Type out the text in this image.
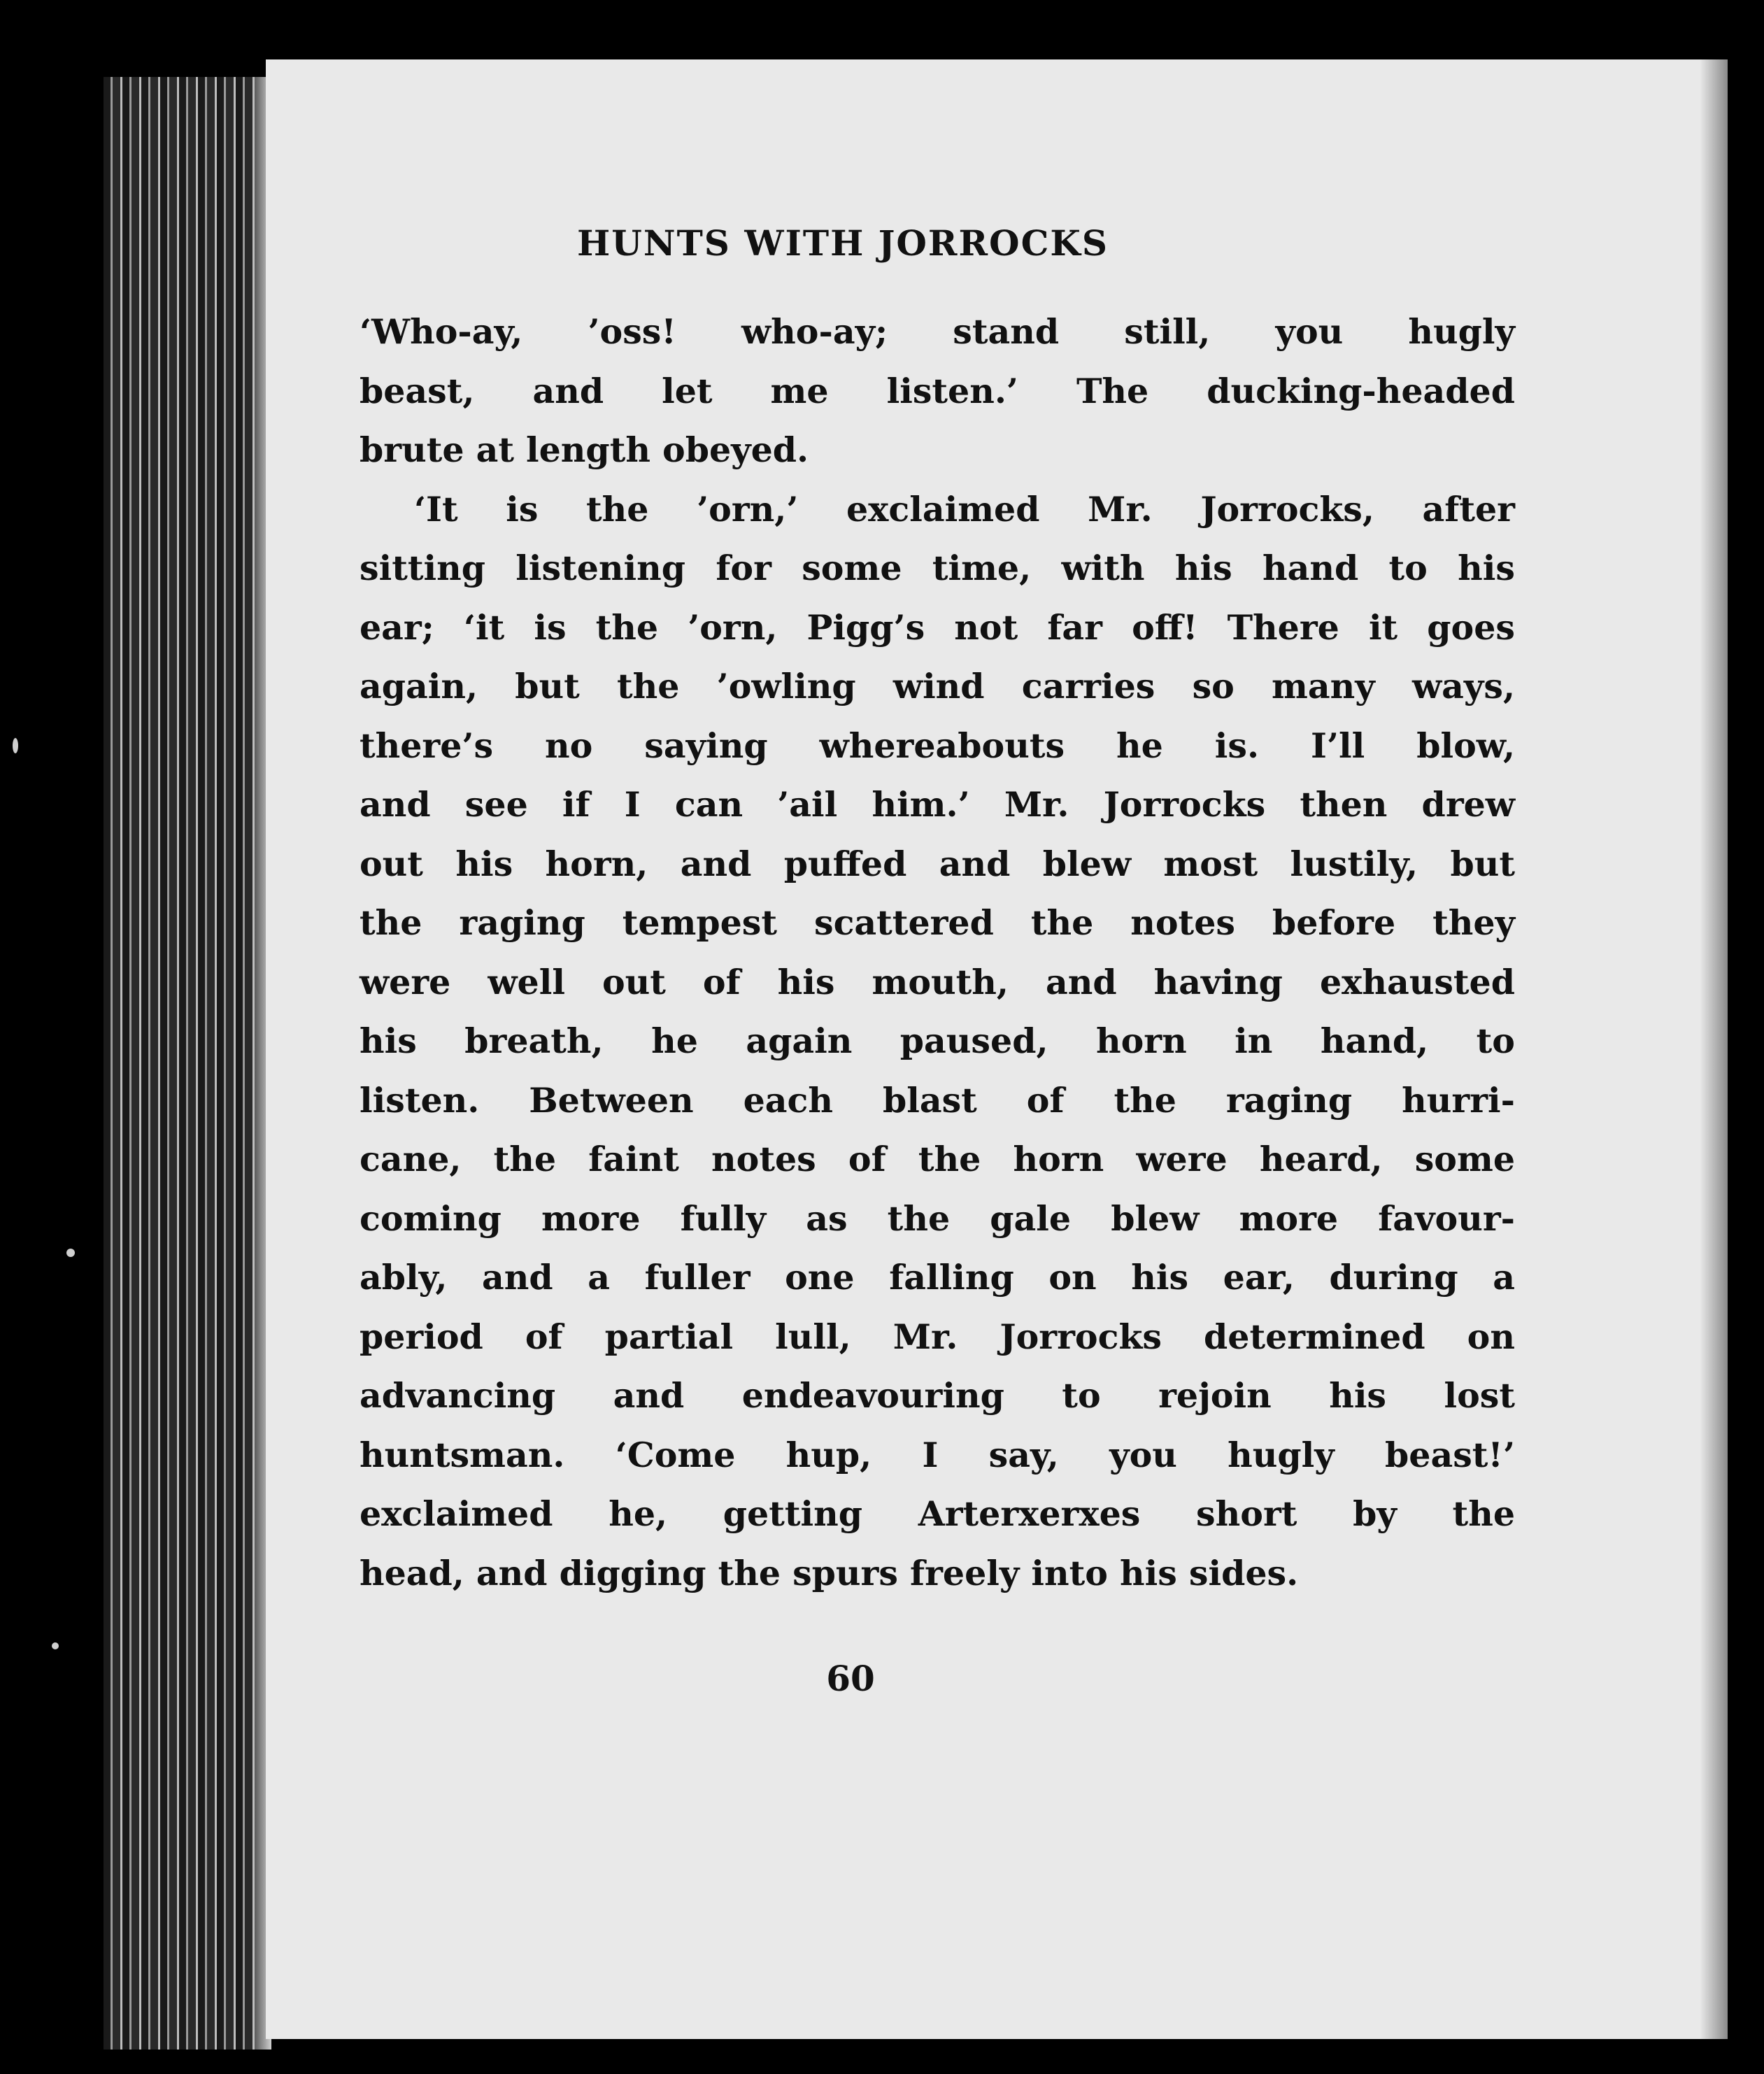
HUNTS WITH JORROCKS

‘Who-ay, ’oss! who-ay; stand still, you hugly

beast, and let me listen.’ The ducking-headed

brute at length obeyed.

‘It is the ’orn,’ exclaimed Mr. Jorrocks, after

sitting listening for some time, with his hand to his

ear; ‘it is the ’orn, Pigg’s not far off! There it goes

again, but the ’owling wind carries so many ways,

there’s no saying whereabouts he is. I’ll blow,

and see if I can ’ail him.’ Mr. Jorrocks then drew

out his horn, and puffed and blew most lustily, but

the raging tempest scattered the notes before they

were well out of his mouth, and having exhausted

his breath, he again paused, horn in hand, to

listen. Between each blast of the raging hurri-

cane, the faint notes of the horn were heard, some

coming more fully as the gale blew more favour-

ably, and a fuller one falling on his ear, during a

period of partial lull, Mr. Jorrocks determined on

advancing and endeavouring to rejoin his lost

huntsman. ‘Come hup, I say, you hugly beast!’

exclaimed he, getting Arterxerxes short by the

head, and digging the spurs freely into his sides.

60
